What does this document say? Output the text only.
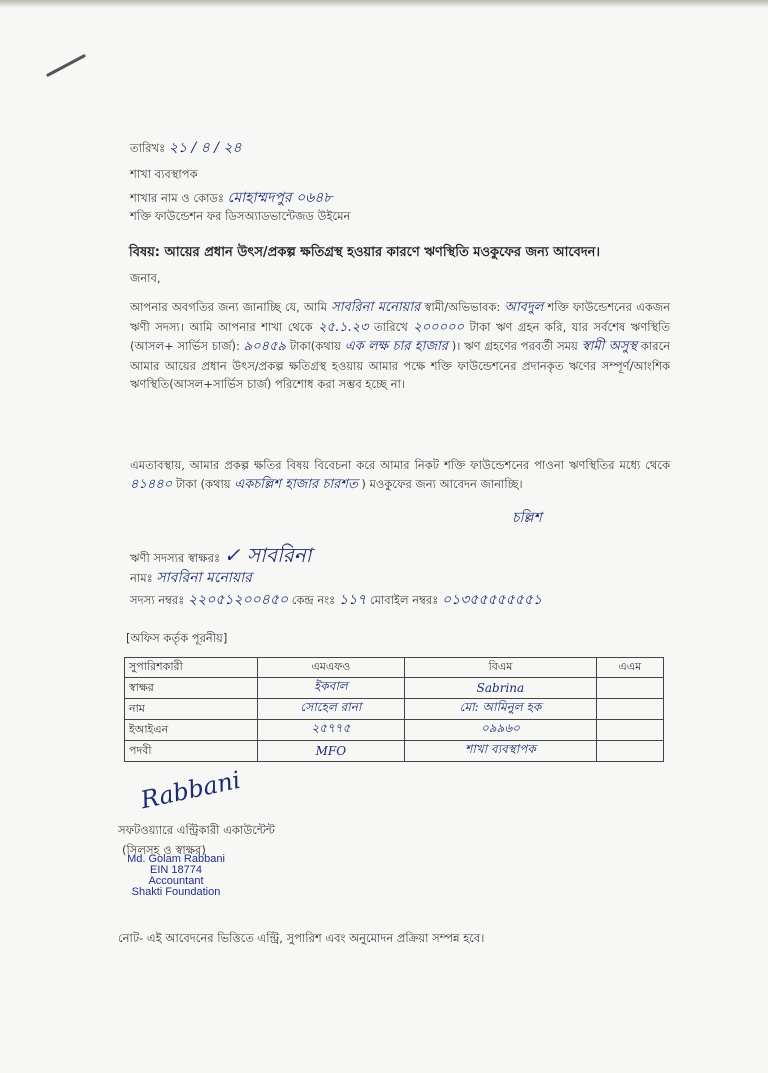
তারিখঃ ২১ / ৪ / ২৪
শাখা ব্যবস্থাপক
শাখার নাম ও কোডঃ মোহাম্মদপুর ০৬৪৮
শক্তি ফাউন্ডেশন ফর ডিসঅ্যাডভান্টেজড উইমেন
বিষয়: আয়ের প্রধান উৎস/প্রকল্প ক্ষতিগ্রস্থ হওয়ার কারণে ঋণস্থিতি মওকুফের জন্য আবেদন।
জনাব,
আপনার অবগতির জন্য জানাচ্ছি যে, আমি সাবরিনা মনোয়ার স্বামী/অভিভাবক: আবদুল শক্তি ফাউন্ডেশনের একজন ঋণী সদস্য। আমি আপনার শাখা থেকে ২৫.১.২৩ তারিখে ২০০০০০ টাকা ঋণ গ্রহন করি, যার সর্বশেষ ঋণস্থিতি (আসল+ সার্ভিস চার্জ): ৯০৪৫৯ টাকা(কথায় এক লক্ষ চার হাজার )। ঋণ গ্রহণের পরবর্তী সময় স্বামী অসুস্থ কারনে আমার আয়ের প্রধান উৎস/প্রকল্প ক্ষতিগ্রস্থ হওয়ায় আমার পক্ষে শক্তি ফাউন্ডেশনের প্রদানকৃত ঋণের সম্পূর্ণ/আংশিক ঋণস্থিতি(আসল+সার্ভিস চার্জ) পরিশোধ করা সম্ভব হচ্ছে না।
এমতাবস্থায়, আমার প্রকল্প ক্ষতির বিষয় বিবেচনা করে আমার নিকট শক্তি ফাউন্ডেশনের পাওনা ঋণস্থিতির মধ্যে থেকে ৪১৪৪০ টাকা (কথায় একচল্লিশ হাজার চারশত ) মওকুফের জন্য আবেদন জানাচ্ছি।
চল্লিশ
ঋণী সদস্যর স্বাক্ষরঃ ✓ সাবরিনা
নামঃ সাবরিনা মনোয়ার
সদস্য নম্বরঃ ২২০৫১২০০৪৫০ কেন্দ্র নংঃ ১১৭ মোবাইল নম্বরঃ ০১৩৫৫৫৫৫৫৫১
[অফিস কর্তৃক পূরনীয়]
সুপারিশকারী	এমএফও	বিএম	এএম
স্বাক্ষর	ইকবাল	Sabrina	
নাম	সোহেল রানা	মো: আমিনুল হক	
ইআইএন	২৫৭৭৫	০৯৯৬০	
পদবী	MFO	শাখা ব্যবস্থাপক	
Rabbani
সফটওয়্যারে এন্ট্রিকারী একাউন্টেন্ট
(সিলসহ ও স্বাক্ষর)
Md. Golam Rabbani
EIN 18774
Accountant
Shakti Foundation
নোট- এই আবেদনের ভিত্তিতে এন্ট্রি, সুপারিশ এবং অনুমোদন প্রক্রিয়া সম্পন্ন হবে।
